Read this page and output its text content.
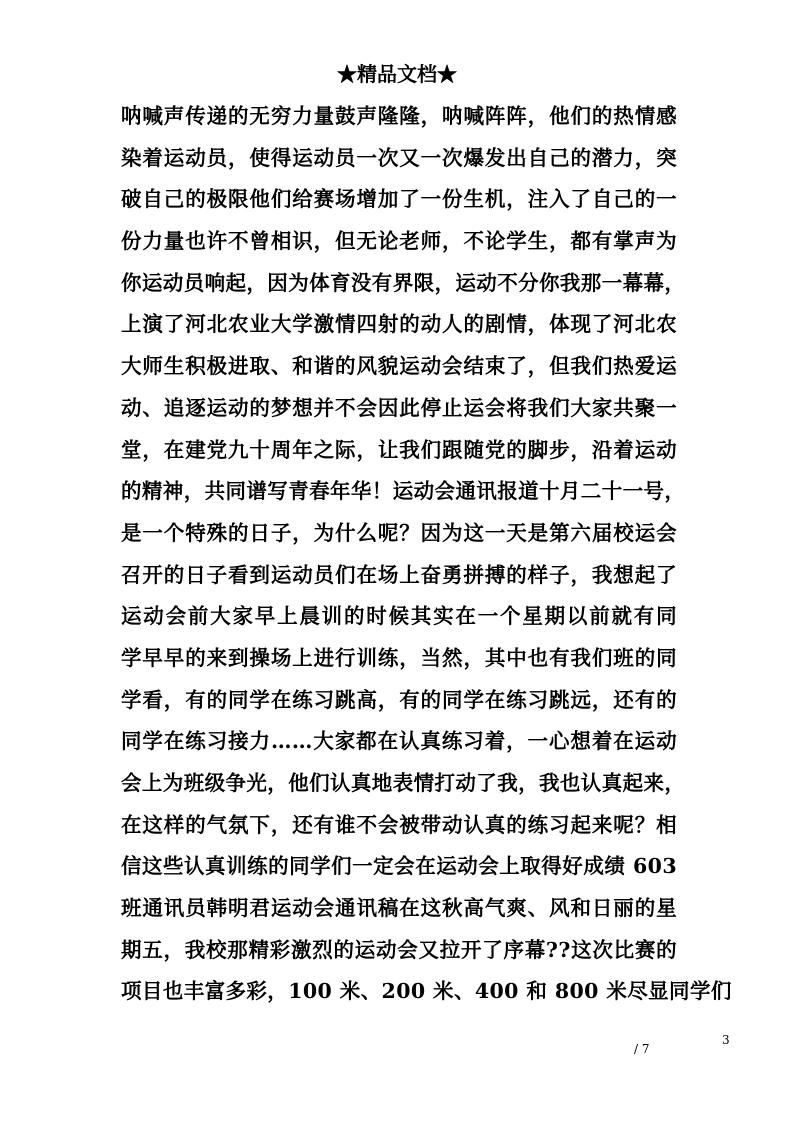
★精品文档★
呐喊声传递的无穷力量鼓声隆隆，呐喊阵阵，他们的热情感
染着运动员，使得运动员一次又一次爆发出自己的潜力，突
破自己的极限他们给赛场增加了一份生机，注入了自己的一
份力量也许不曾相识，但无论老师，不论学生，都有掌声为
你运动员响起，因为体育没有界限，运动不分你我那一幕幕，
上演了河北农业大学激情四射的动人的剧情，体现了河北农
大师生积极进取、和谐的风貌运动会结束了，但我们热爱运
动、追逐运动的梦想并不会因此停止运会将我们大家共聚一
堂，在建党九十周年之际，让我们跟随党的脚步，沿着运动
的精神，共同谱写青春年华！运动会通讯报道十月二十一号，
是一个特殊的日子，为什么呢？因为这一天是第六届校运会
召开的日子看到运动员们在场上奋勇拼搏的样子，我想起了
运动会前大家早上晨训的时候其实在一个星期以前就有同
学早早的来到操场上进行训练，当然，其中也有我们班的同
学看，有的同学在练习跳高，有的同学在练习跳远，还有的
同学在练习接力……大家都在认真练习着，一心想着在运动
会上为班级争光，他们认真地表情打动了我，我也认真起来，
在这样的气氛下，还有谁不会被带动认真的练习起来呢？相
信这些认真训练的同学们一定会在运动会上取得好成绩 603
班通讯员韩明君运动会通讯稿在这秋高气爽、风和日丽的星
期五，我校那精彩激烈的运动会又拉开了序幕??这次比赛的
项目也丰富多彩，100 米、200 米、400 和 800 米尽显同学们
3
/ 7
